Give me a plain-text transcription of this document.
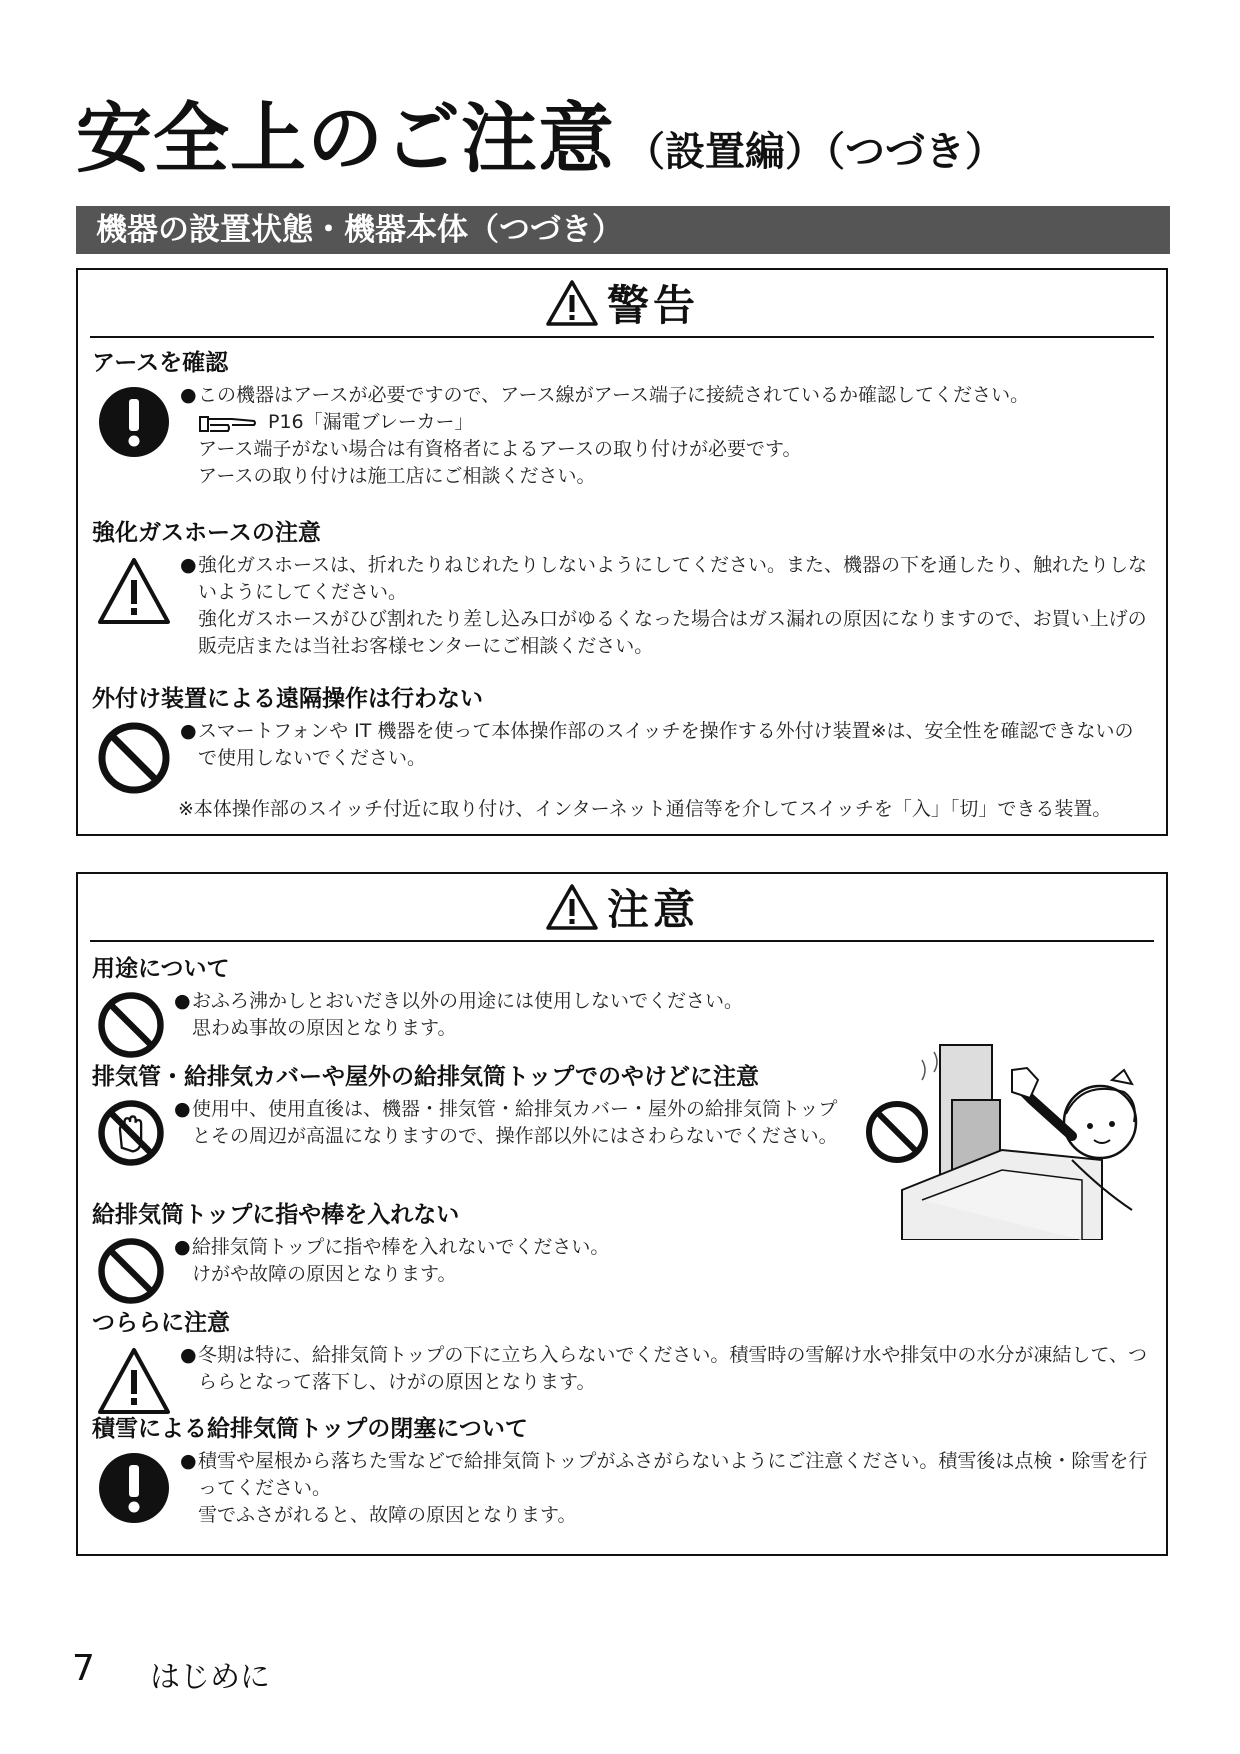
安全上のご注意 （設置編）（つづき）
機器の設置状態・機器本体（つづき）
警告

アースを確認

● この機器はアースが必要ですので、アース線がアース端子に接続されているか確認してください。
P16「漏電ブレーカー」
アース端子がない場合は有資格者によるアースの取り付けが必要です。
アースの取り付けは施工店にご相談ください。

強化ガスホースの注意

● 強化ガスホースは、折れたりねじれたりしないようにしてください。また、機器の下を通したり、触れたりしないようにしてください。
強化ガスホースがひび割れたり差し込み口がゆるくなった場合はガス漏れの原因になりますので、お買い上げの販売店または当社お客様センターにご相談ください。

外付け装置による遠隔操作は行わない

● スマートフォンや IT 機器を使って本体操作部のスイッチを操作する外付け装置※は、安全性を確認できないので使用しないでください。
※本体操作部のスイッチ付近に取り付け、インターネット通信等を介してスイッチを「入」「切」できる装置。
注意

用途について

● おふろ沸かしとおいだき以外の用途には使用しないでください。
思わぬ事故の原因となります。

排気管・給排気カバーや屋外の給排気筒トップでのやけどに注意

● 使用中、使用直後は、機器・排気管・給排気カバー・屋外の給排気筒トップとその周辺が高温になりますので、操作部以外にはさわらないでください。

給排気筒トップに指や棒を入れない

● 給排気筒トップに指や棒を入れないでください。
けがや故障の原因となります。

つららに注意

● 冬期は特に、給排気筒トップの下に立ち入らないでください。積雪時の雪解け水や排気中の水分が凍結して、つららとなって落下し、けがの原因となります。

積雪による給排気筒トップの閉塞について

● 積雪や屋根から落ちた雪などで給排気筒トップがふさがらないようにご注意ください。積雪後は点検・除雪を行ってください。
雪でふさがれると、故障の原因となります。
7 はじめに
